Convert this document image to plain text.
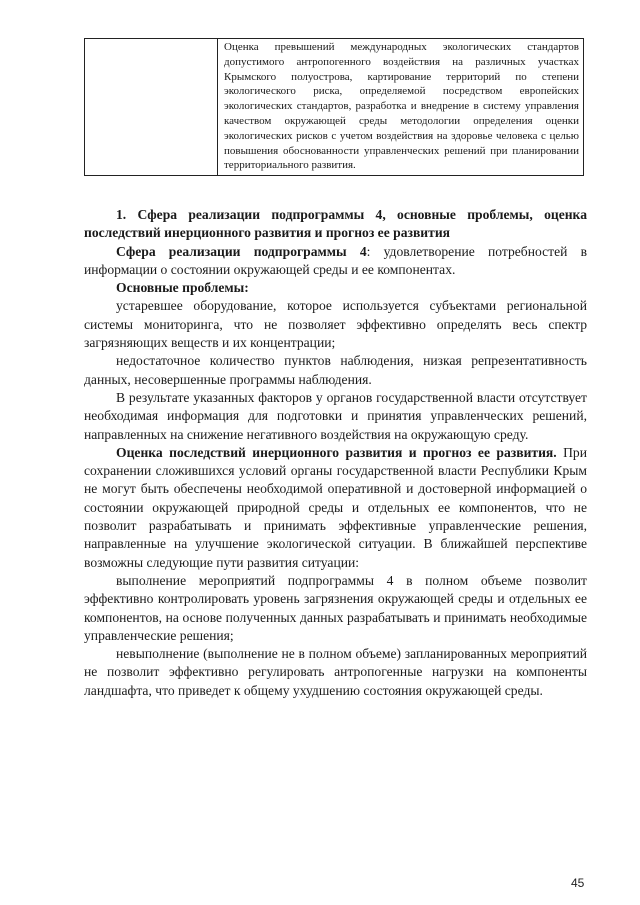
	Оценка превышений международных экологических стандартов допустимого антропогенного воздействия на различных участках Крымского полуострова, картирование территорий по степени экологического риска, определяемой посредством европейских экологических стандартов, разработка и внедрение в систему управления качеством окружающей среды методологии определения оценки экологических рисков с учетом воздействия на здоровье человека с целью повышения обоснованности управленческих решений при планировании территориального развития.

1. Сфера реализации подпрограммы 4, основные проблемы, оценка последствий инерционного развития и прогноз ее развития

Сфера реализации подпрограммы 4: удовлетворение потребностей в информации о состоянии окружающей среды и ее компонентах.

Основные проблемы:

устаревшее оборудование, которое используется субъектами региональной системы мониторинга, что не позволяет эффективно определять весь спектр загрязняющих веществ и их концентрации;

недостаточное количество пунктов наблюдения, низкая репрезентативность данных, несовершенные программы наблюдения.

В результате указанных факторов у органов государственной власти отсутствует необходимая информация для подготовки и принятия управленческих решений, направленных на снижение негативного воздействия на окружающую среду.

Оценка последствий инерционного развития и прогноз ее развития. При сохранении сложившихся условий органы государственной власти Республики Крым не могут быть обеспечены необходимой оперативной и достоверной информацией о состоянии окружающей природной среды и отдельных ее компонентов, что не позволит разрабатывать и принимать эффективные управленческие решения, направленные на улучшение экологической ситуации. В ближайшей перспективе возможны следующие пути развития ситуации:

выполнение мероприятий подпрограммы 4 в полном объеме позволит эффективно контролировать уровень загрязнения окружающей среды и отдельных ее компонентов, на основе полученных данных разрабатывать и принимать необходимые управленческие решения;

невыполнение (выполнение не в полном объеме) запланированных мероприятий не позволит эффективно регулировать антропогенные нагрузки на компоненты ландшафта, что приведет к общему ухудшению состояния окружающей среды.

45
